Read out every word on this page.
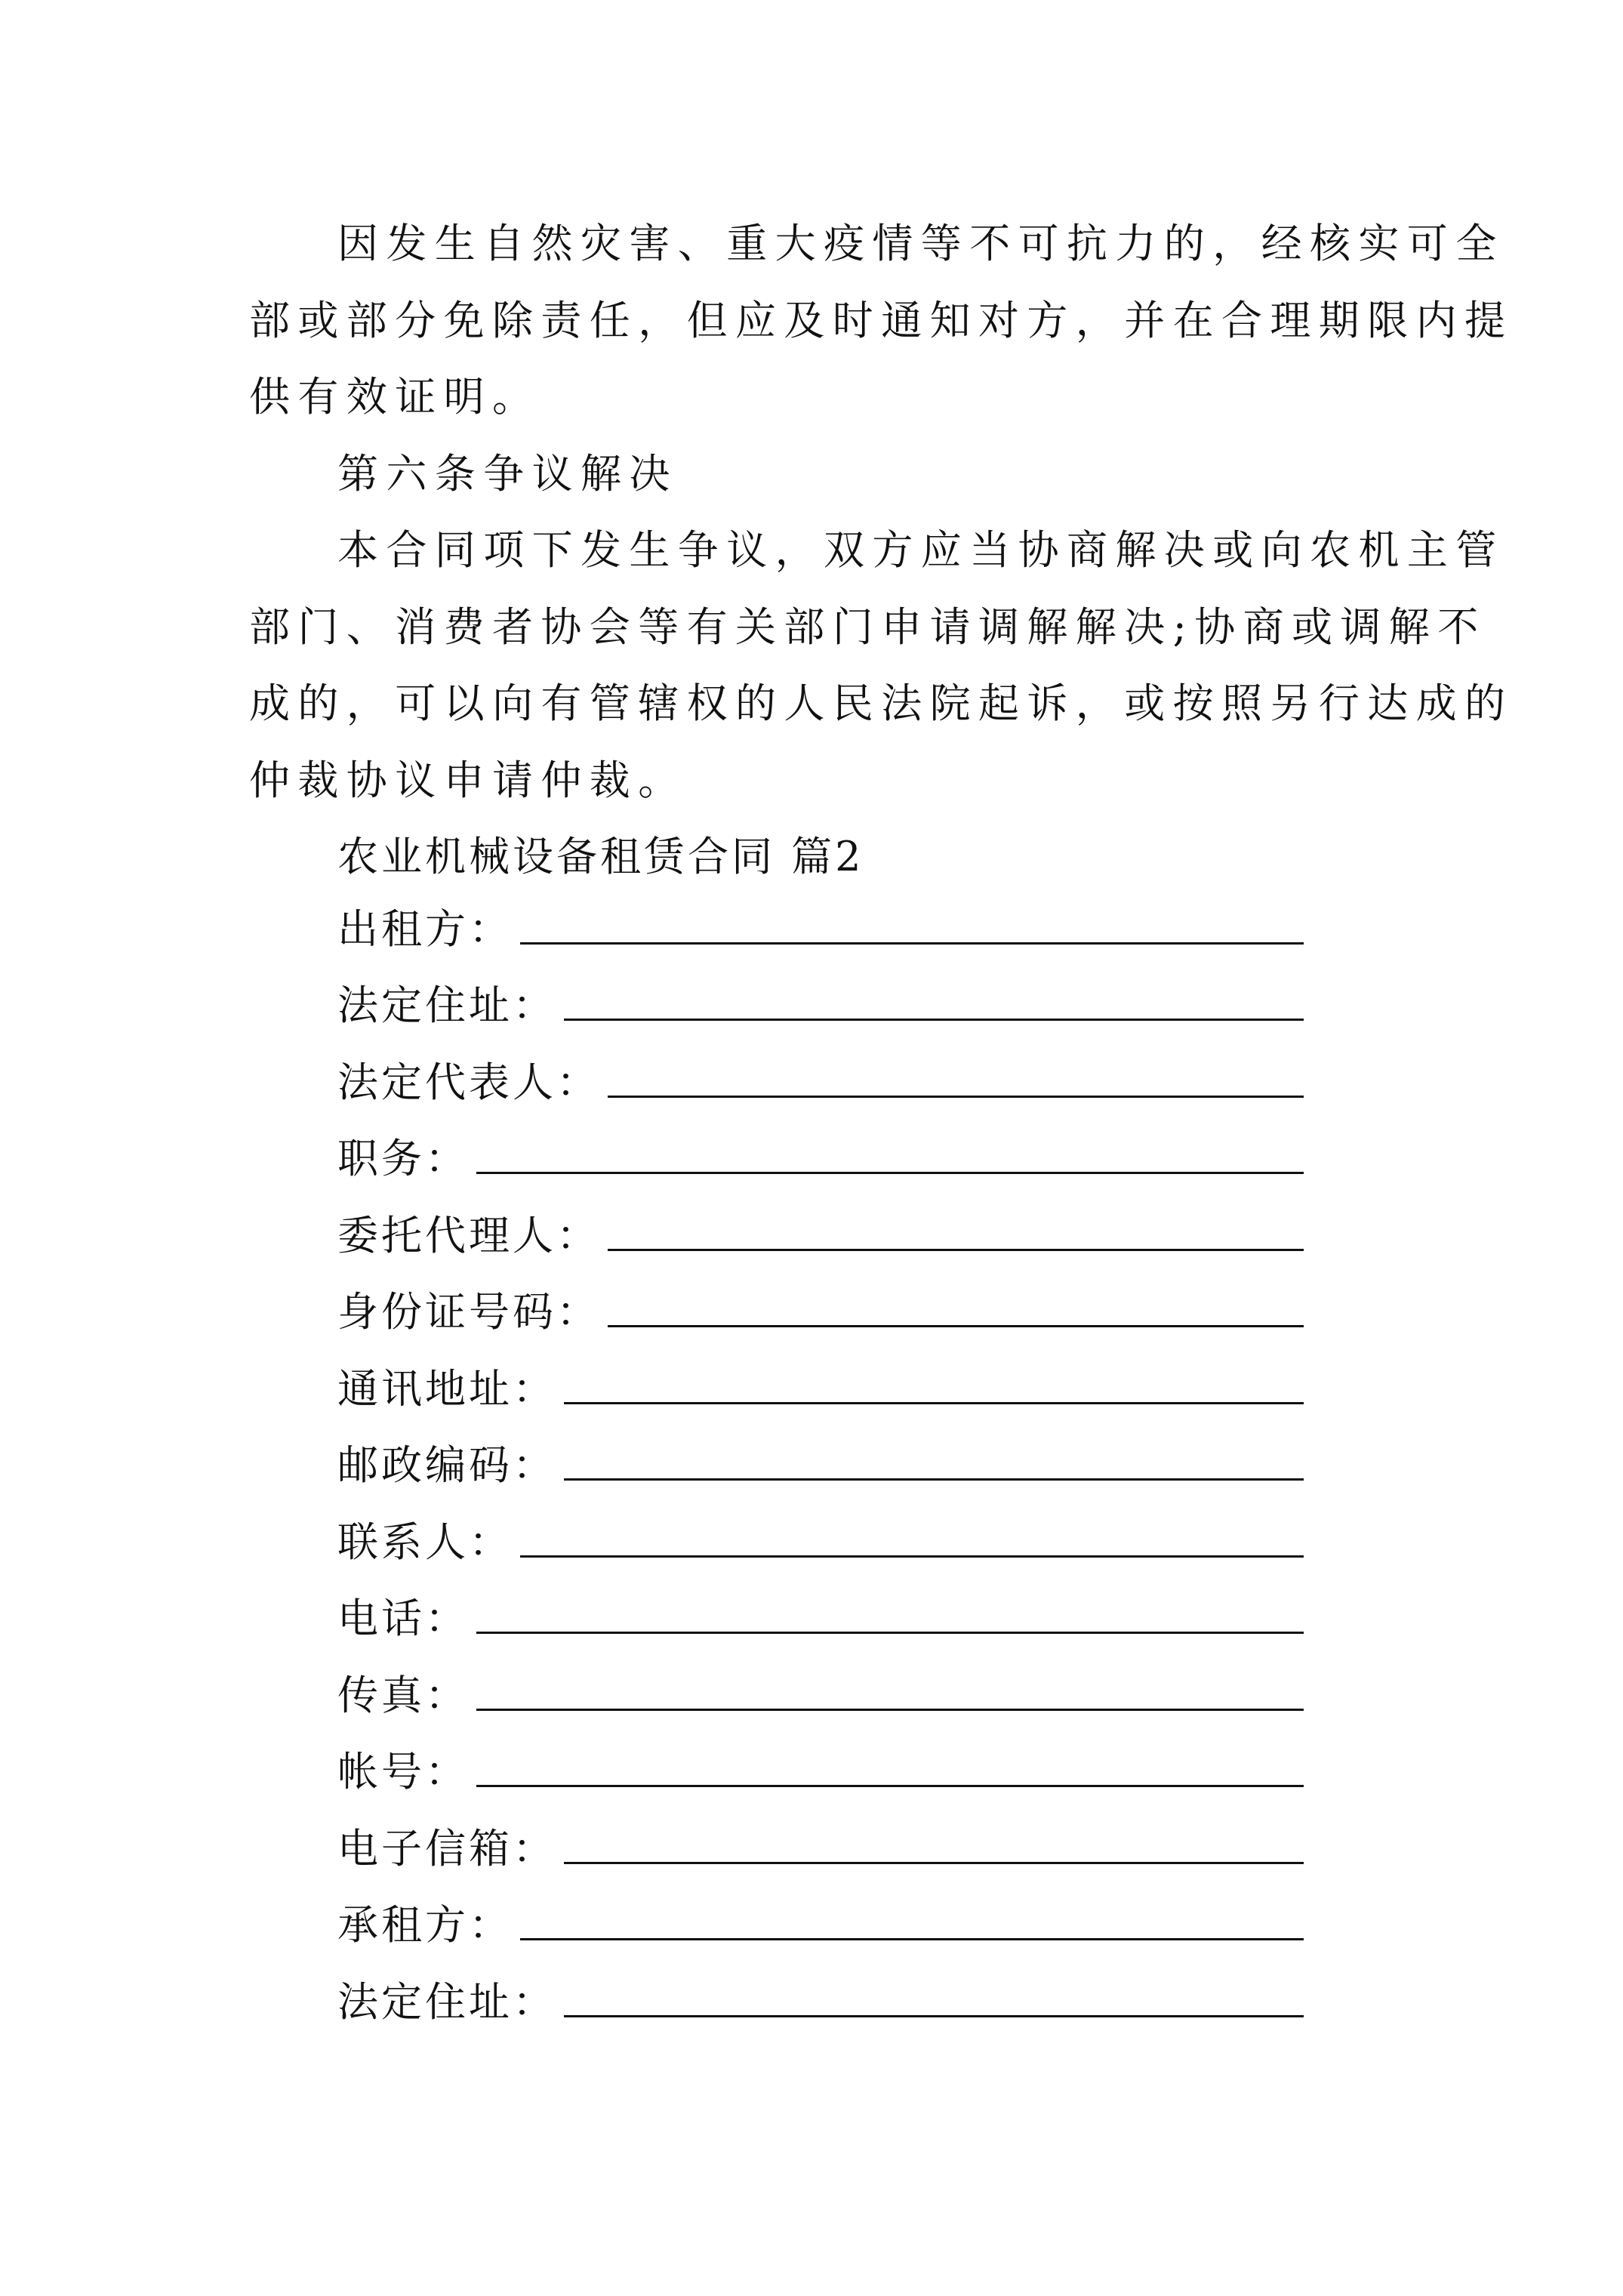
因发生自然灾害、重大疫情等不可抗力的，经核实可全
部或部分免除责任，但应及时通知对方，并在合理期限内提
供有效证明。
第六条争议解决
本合同项下发生争议，双方应当协商解决或向农机主管
部门、消费者协会等有关部门申请调解解决;协商或调解不
成的，可以向有管辖权的人民法院起诉，或按照另行达成的
仲裁协议申请仲裁。
农业机械设备租赁合同 篇2
出租方：
法定住址：
法定代表人：
职务：
委托代理人：
身份证号码：
通讯地址：
邮政编码：
联系人：
电话：
传真：
帐号：
电子信箱：
承租方：
法定住址：
